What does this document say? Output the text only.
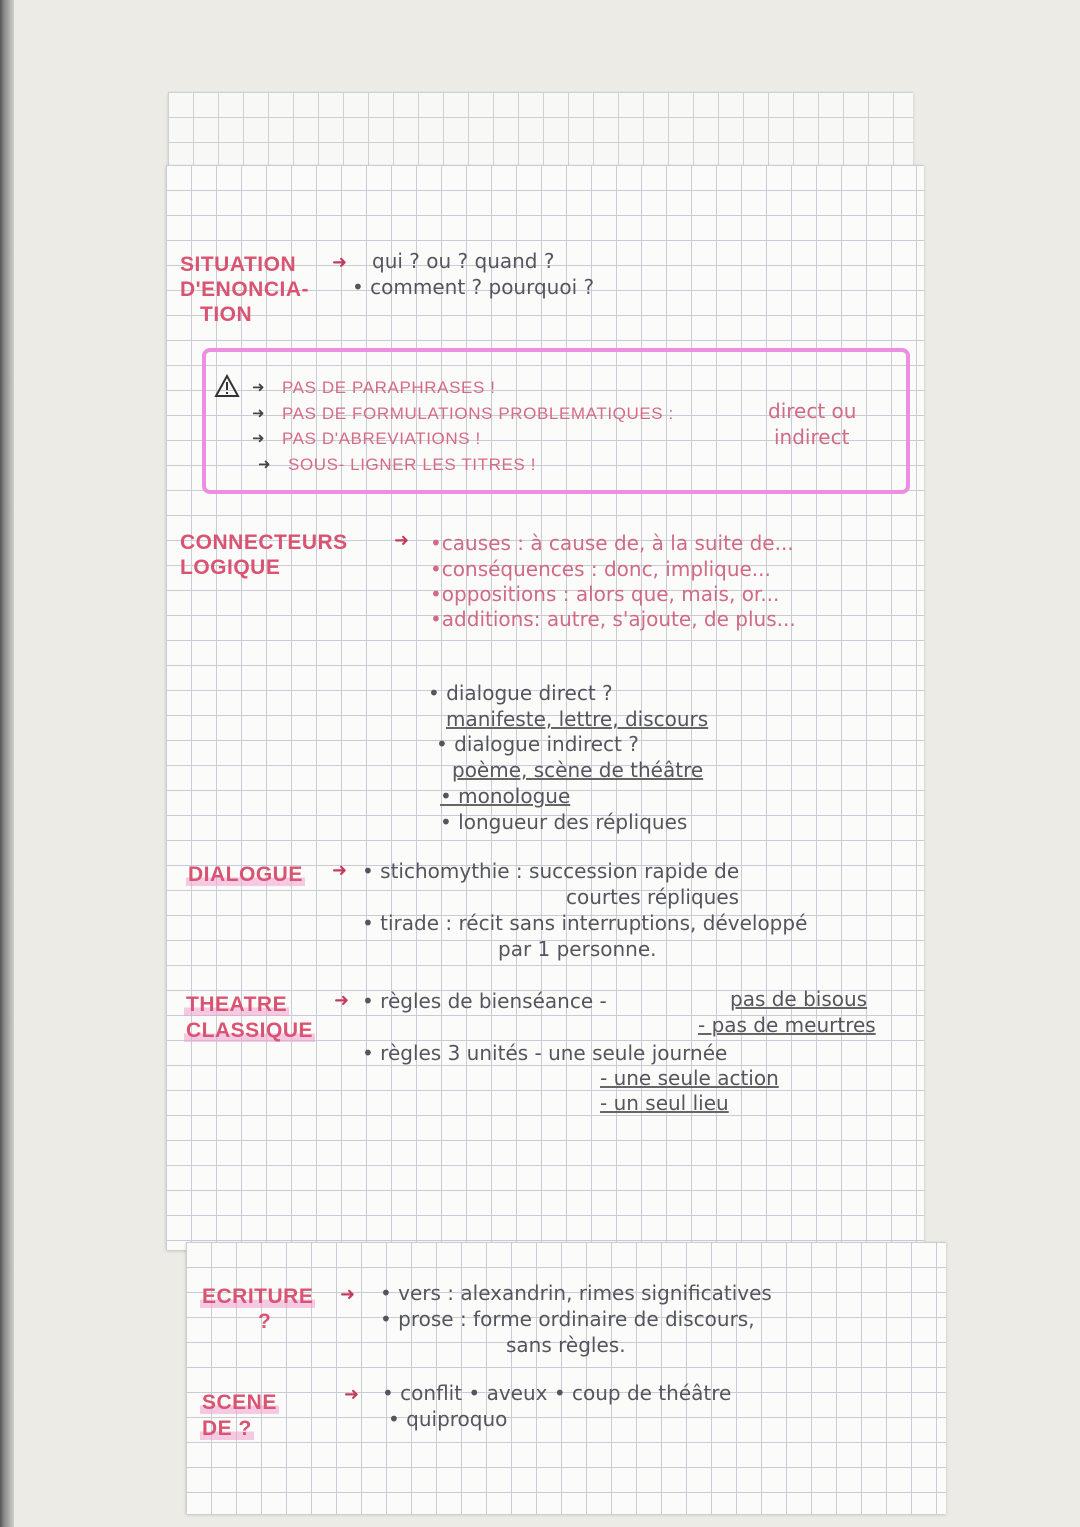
SITUATION
D'ENONCIA-
TION
➜ qui ? ou ? quand ?
• comment ? pourquoi ?
➜ PAS DE PARAPHRASES !
➜ PAS DE FORMULATIONS PROBLEMATIQUES :	direct ou
➜ PAS D'ABREVIATIONS !	indirect
➜ SOUS- LIGNER LES TITRES !
CONNECTEURS
LOGIQUE
➜ •causes : à cause de, à la suite de...
•conséquences : donc, implique...
•oppositions : alors que, mais, or...
•additions: autre, s'ajoute, de plus...
• dialogue direct ?
manifeste, lettre, discours
• dialogue indirect ?
poème, scène de théâtre
• monologue
• longueur des répliques
DIALOGUE ➜ • stichomythie : succession rapide de
courtes répliques
• tirade : récit sans interruptions, développé
par 1 personne.
THEATRE
CLASSIQUE
➜ • règles de bienséance -	pas de bisous
- pas de meurtres
• règles 3 unités - une seule journée
- une seule action
- un seul lieu
ECRITURE
?
➜ • vers : alexandrin, rimes significatives
• prose : forme ordinaire de discours,
sans règles.
SCENE
DE ?
➜ • conflit • aveux • coup de théâtre
• quiproquo
